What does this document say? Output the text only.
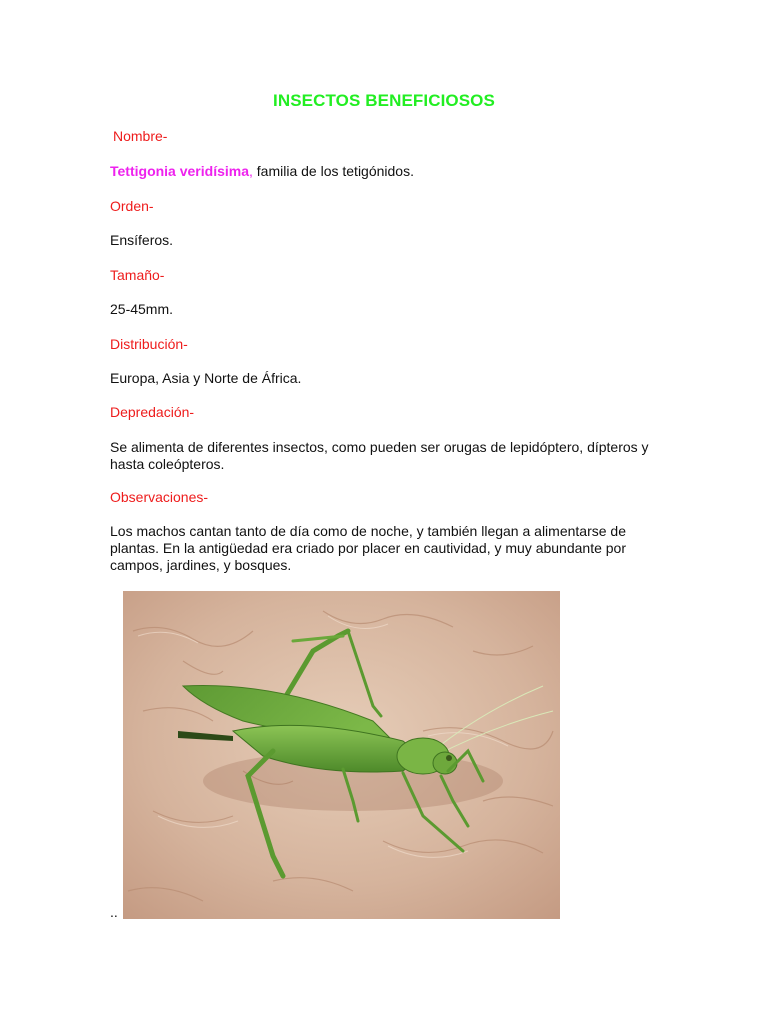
INSECTOS BENEFICIOSOS

Nombre-

Tettigonia veridísima, familia de los tetigónidos.

Orden-

Ensíferos.

Tamaño-

25-45mm.

Distribución-

Europa, Asia y Norte de África.

Depredación-

Se alimenta de diferentes insectos, como pueden ser orugas de lepidóptero, dípteros y
hasta coleópteros.

Observaciones-

Los machos cantan tanto de día como de noche, y también llegan a alimentarse de
plantas. En la antigüedad era criado por placer en cautividad, y muy abundante por
campos, jardines, y bosques.

..
